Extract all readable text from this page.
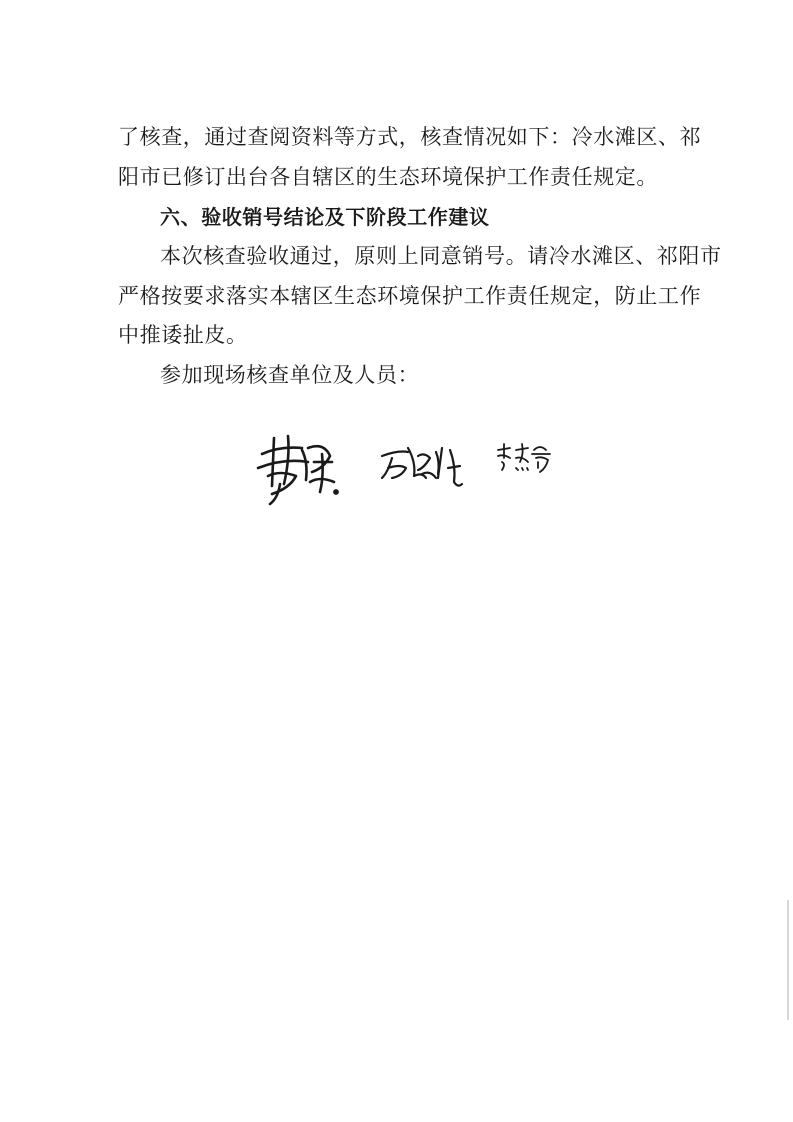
了核查，通过查阅资料等方式，核查情况如下：冷水滩区、祁
阳市已修订出台各自辖区的生态环境保护工作责任规定。
六、验收销号结论及下阶段工作建议
本次核查验收通过，原则上同意销号。请冷水滩区、祁阳市
严格按要求落实本辖区生态环境保护工作责任规定，防止工作
中推诿扯皮。
参加现场核查单位及人员：
